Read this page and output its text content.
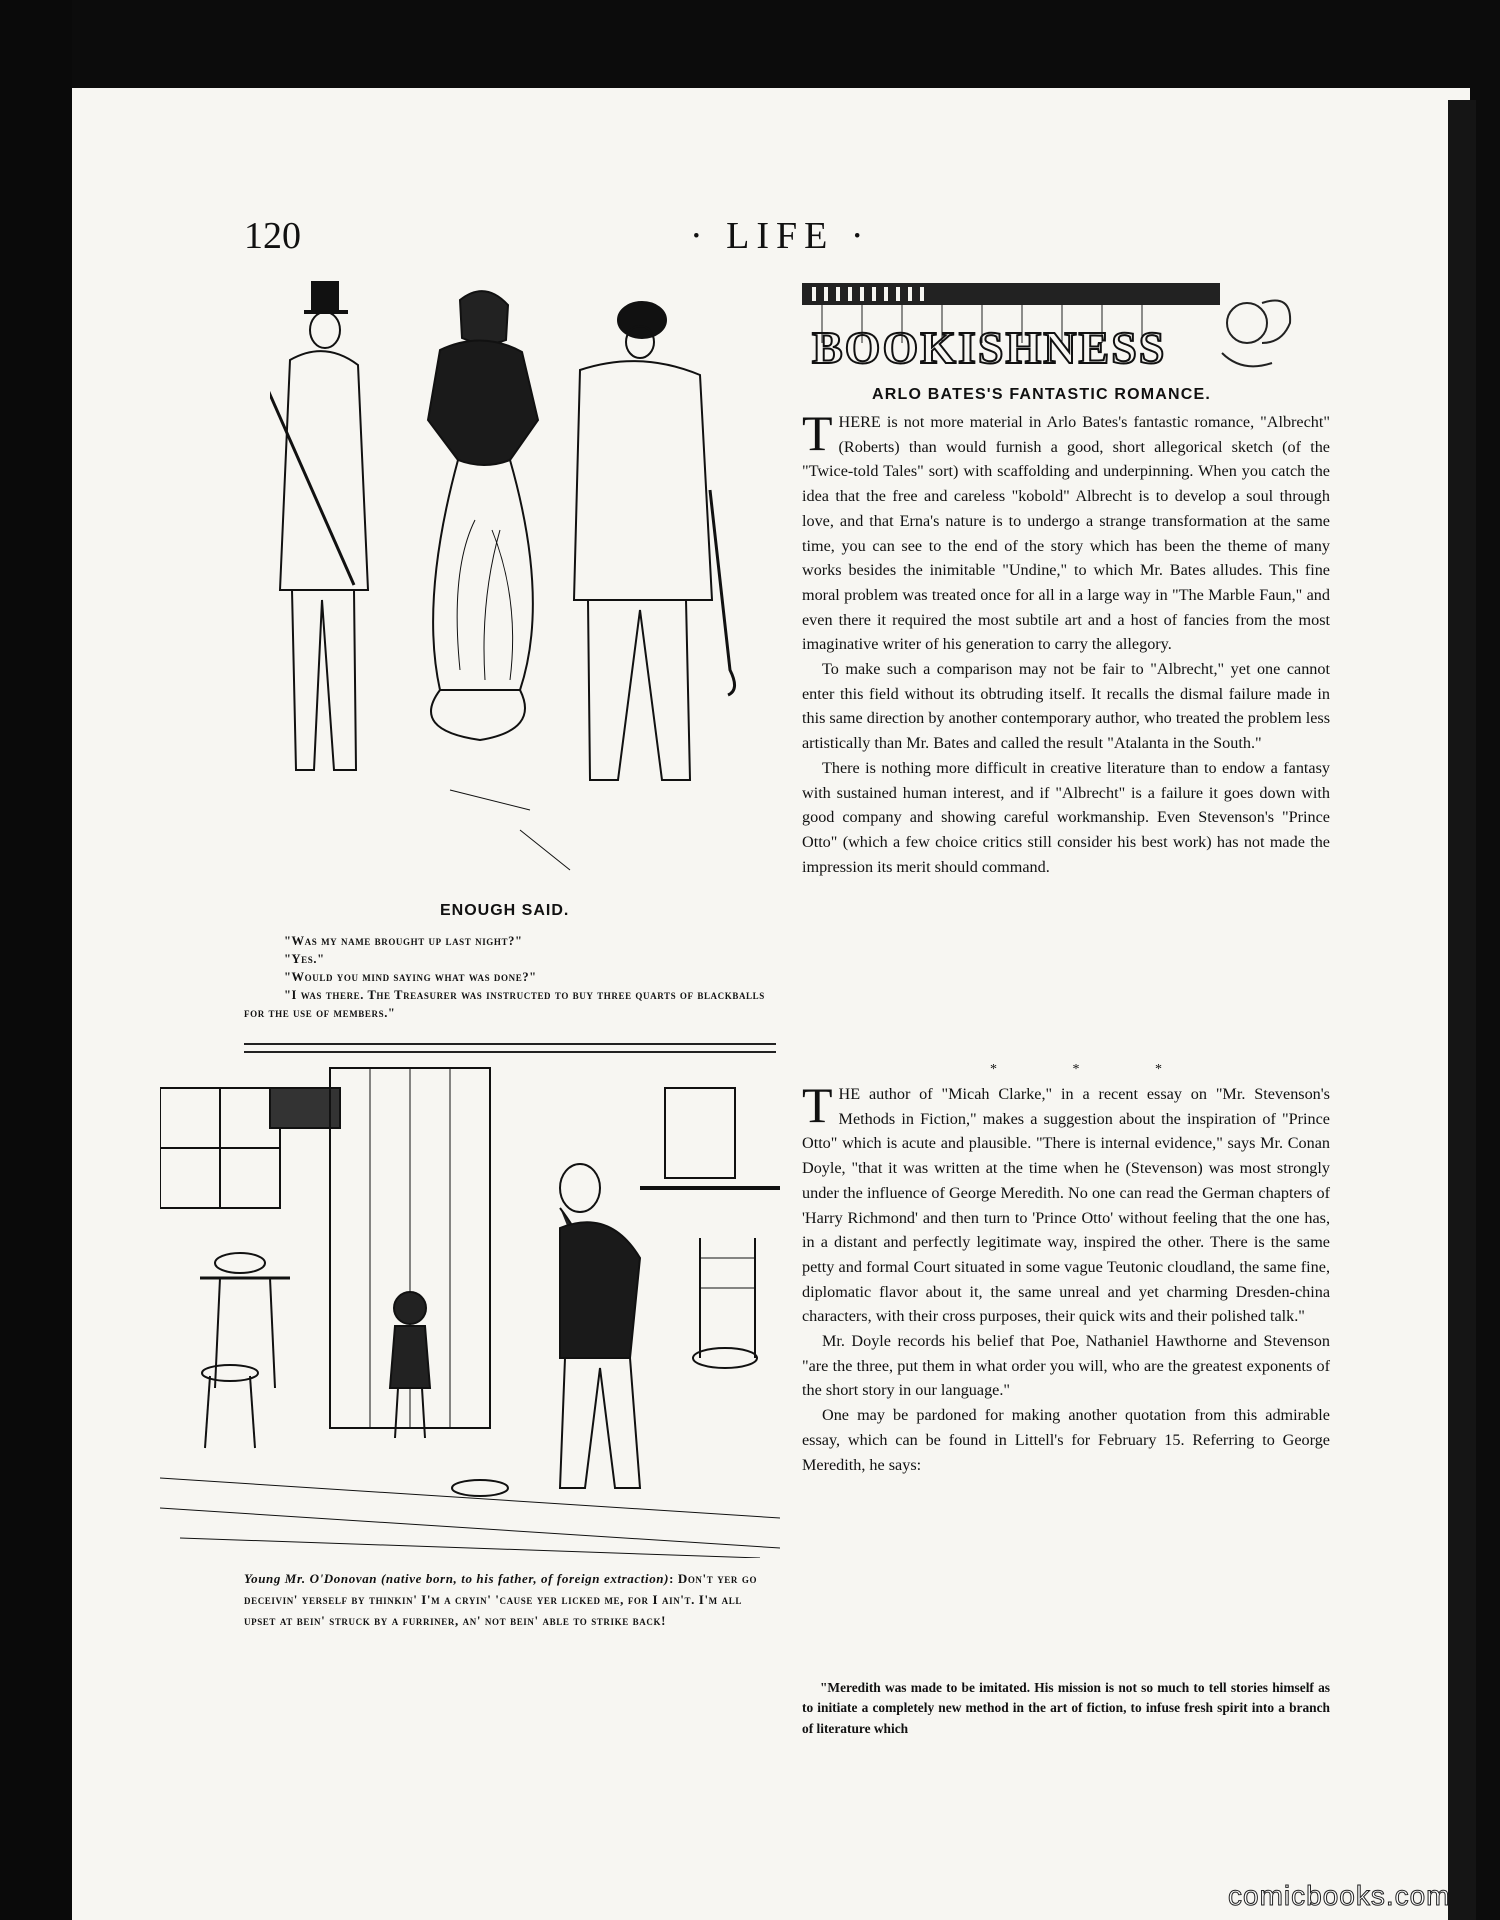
120	· LIFE ·
ENOUGH SAID.

"Was my name brought up last night?"

"Yes."

"Would you mind saying what was done?"

"I was there. The Treasurer was instructed to buy three quarts of blackballs for the use of members."

Young Mr. O'Donovan (native born, to his father, of foreign extraction): Don't yer go deceivin' yerself by thinkin' I'm a cryin' 'cause yer licked me, for I ain't. I'm all upset at bein' struck by a furriner, an' not bein' able to strike back!
BOOKISHNESS
ARLO BATES'S FANTASTIC ROMANCE.

THERE is not more material in Arlo Bates's fantastic romance, "Albrecht" (Roberts) than would furnish a good, short allegorical sketch (of the "Twice-told Tales" sort) with scaffolding and underpinning. When you catch the idea that the free and careless "kobold" Albrecht is to develop a soul through love, and that Erna's nature is to undergo a strange transformation at the same time, you can see to the end of the story which has been the theme of many works besides the inimitable "Undine," to which Mr. Bates alludes. This fine moral problem was treated once for all in a large way in "The Marble Faun," and even there it required the most subtile art and a host of fancies from the most imaginative writer of his generation to carry the allegory.

To make such a comparison may not be fair to "Albrecht," yet one cannot enter this field without its obtruding itself. It recalls the dismal failure made in this same direction by another contemporary author, who treated the problem less artistically than Mr. Bates and called the result "Atalanta in the South."

There is nothing more difficult in creative literature than to endow a fantasy with sustained human interest, and if "Albrecht" is a failure it goes down with good company and showing careful workmanship. Even Stevenson's "Prince Otto" (which a few choice critics still consider his best work) has not made the impression its merit should command.

* * *

THE author of "Micah Clarke," in a recent essay on "Mr. Stevenson's Methods in Fiction," makes a suggestion about the inspiration of "Prince Otto" which is acute and plausible. "There is internal evidence," says Mr. Conan Doyle, "that it was written at the time when he (Stevenson) was most strongly under the influence of George Meredith. No one can read the German chapters of 'Harry Richmond' and then turn to 'Prince Otto' without feeling that the one has, in a distant and perfectly legitimate way, inspired the other. There is the same petty and formal Court situated in some vague Teutonic cloudland, the same fine, diplomatic flavor about it, the same unreal and yet charming Dresden-china characters, with their cross purposes, their quick wits and their polished talk."

Mr. Doyle records his belief that Poe, Nathaniel Hawthorne and Stevenson "are the three, put them in what order you will, who are the greatest exponents of the short story in our language."

One may be pardoned for making another quotation from this admirable essay, which can be found in Littell's for February 15. Referring to George Meredith, he says:

"Meredith was made to be imitated. His mission is not so much to tell stories himself as to initiate a completely new method in the art of fiction, to infuse fresh spirit into a branch of literature which

comicbooks.com
